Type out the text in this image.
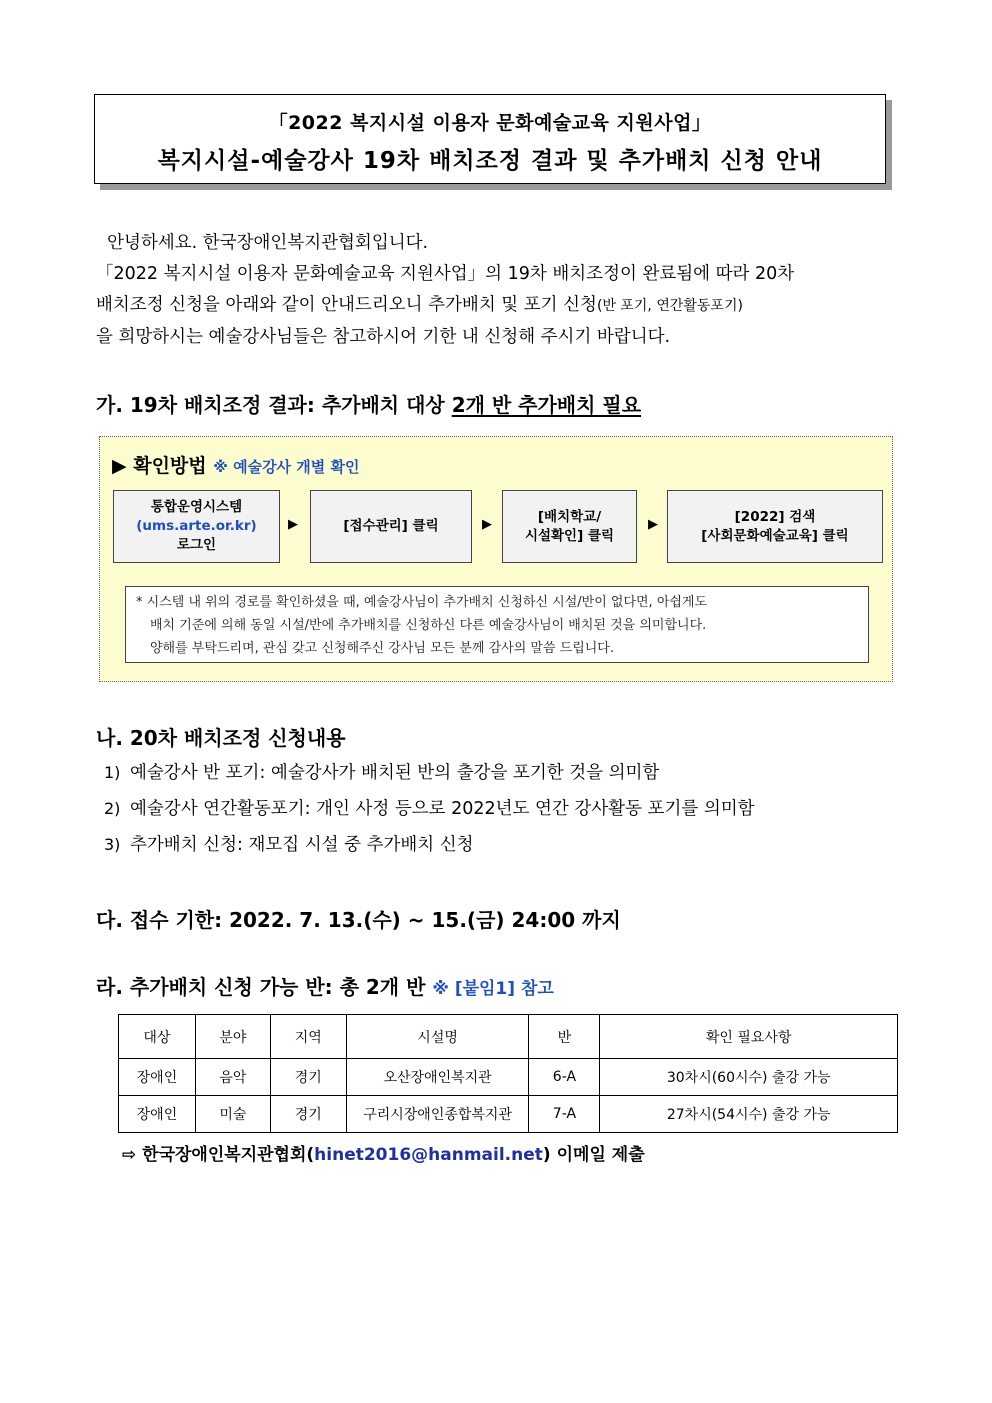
「2022 복지시설 이용자 문화예술교육 지원사업」
복지시설-예술강사 19차 배치조정 결과 및 추가배치 신청 안내

안녕하세요. 한국장애인복지관협회입니다.

「2022 복지시설 이용자 문화예술교육 지원사업」의 19차 배치조정이 완료됨에 따라 20차

배치조정 신청을 아래와 같이 안내드리오니 추가배치 및 포기 신청(반 포기, 연간활동포기)

을 희망하시는 예술강사님들은 참고하시어 기한 내 신청해 주시기 바랍니다.

가. 19차 배치조정 결과: 추가배치 대상 2개 반 추가배치 필요
▶ 확인방법 ※ 예술강사 개별 확인
통합운영시스템
(ums.arte.or.kr)
로그인
▶	[접수관리] 클릭	▶	[배치학교/
시설확인] 클릭
▶	[2022] 검색
[사회문화예술교육] 클릭

* 시스템 내 위의 경로를 확인하셨을 때, 예술강사님이 추가배치 신청하신 시설/반이 없다면, 아쉽게도

배치 기준에 의해 동일 시설/반에 추가배치를 신청하신 다른 예술강사님이 배치된 것을 의미합니다.

양해를 부탁드리며, 관심 갖고 신청해주신 강사님 모든 분께 감사의 말씀 드립니다.

나. 20차 배치조정 신청내용
1) 예술강사 반 포기: 예술강사가 배치된 반의 출강을 포기한 것을 의미함
2) 예술강사 연간활동포기: 개인 사정 등으로 2022년도 연간 강사활동 포기를 의미함
3) 추가배치 신청: 재모집 시설 중 추가배치 신청
다. 접수 기한: 2022. 7. 13.(수) ~ 15.(금) 24:00 까지
라. 추가배치 신청 가능 반: 총 2개 반 ※ [붙임1] 참고
대상	분야	지역	시설명	반	확인 필요사항
장애인	음악	경기	오산장애인복지관	6-A	30차시(60시수) 출강 가능
장애인	미술	경기	구리시장애인종합복지관	7-A	27차시(54시수) 출강 가능
⇨ 한국장애인복지관협회(hinet2016@hanmail.net) 이메일 제출
